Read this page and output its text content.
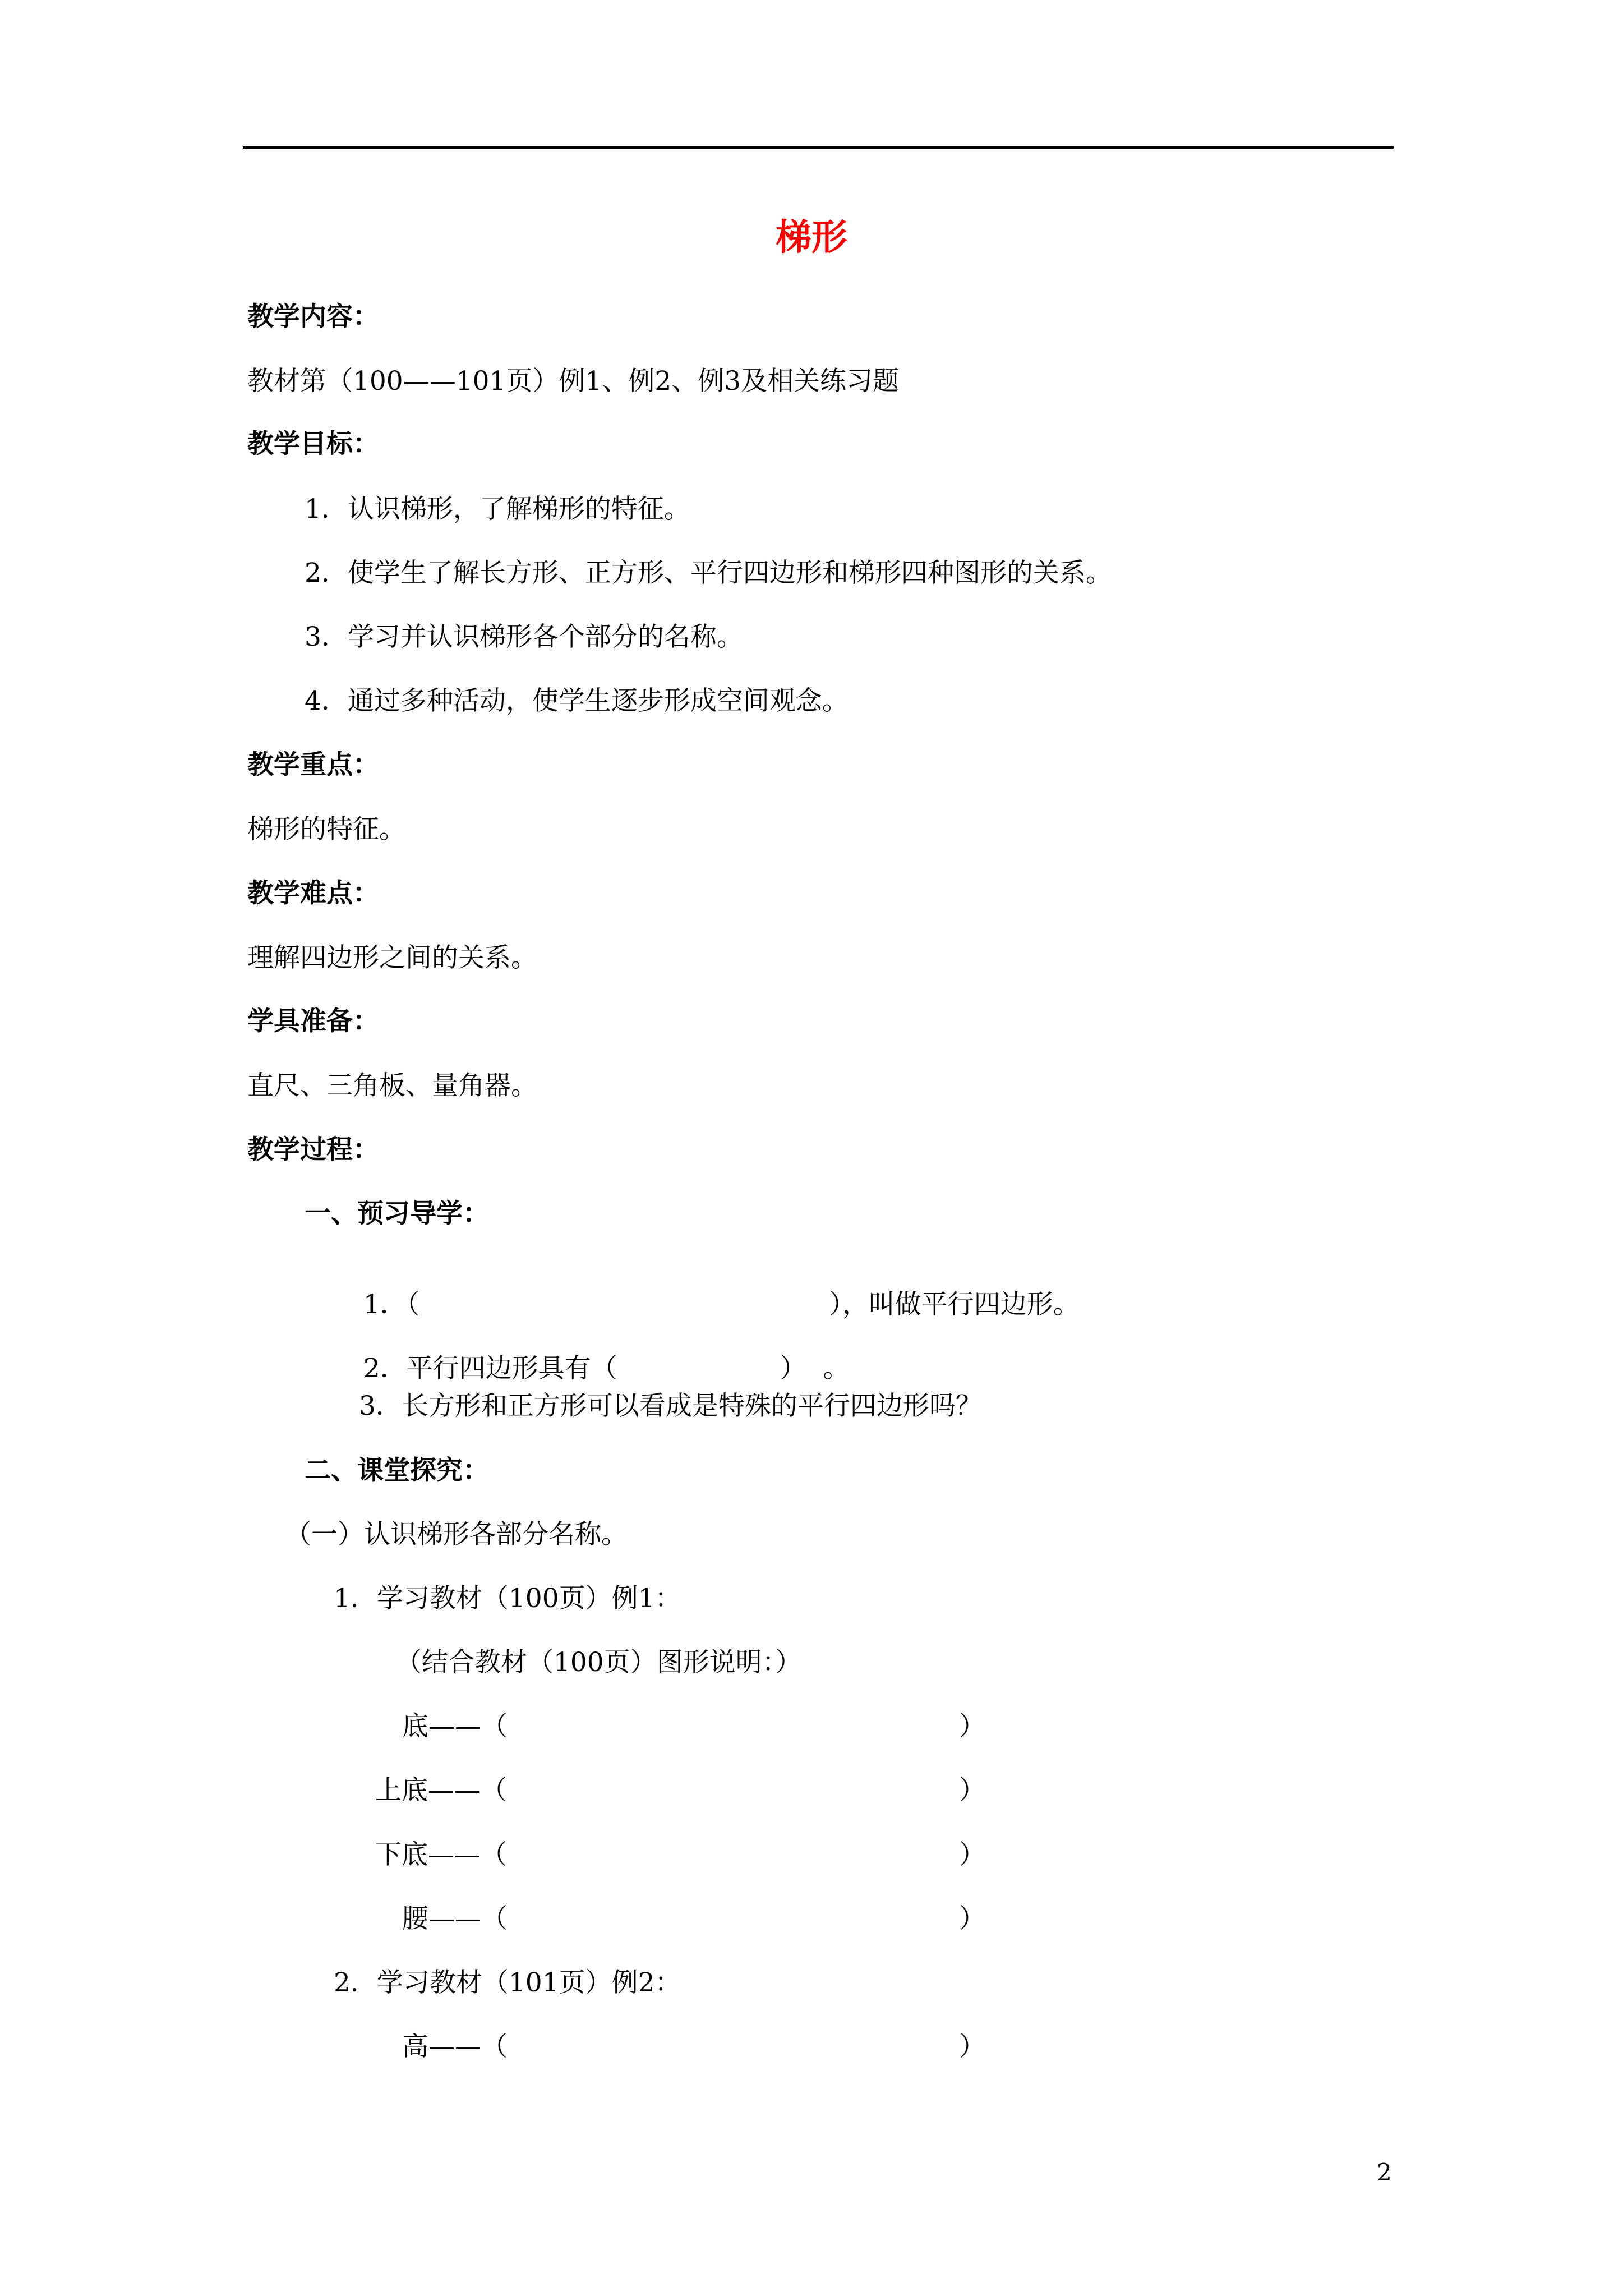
梯形
教学内容：
教材第（100——101页）例1、例2、例3及相关练习题
教学目标：
1．认识梯形，了解梯形的特征。
2．使学生了解长方形、正方形、平行四边形和梯形四种图形的关系。
3．学习并认识梯形各个部分的名称。
4．通过多种活动，使学生逐步形成空间观念。
教学重点：
梯形的特征。
教学难点：
理解四边形之间的关系。
学具准备：
直尺、三角板、量角器。
教学过程：
一、预习导学：

1．（	），叫做平行四边形。

2．平行四边形具有（	）  。

3．长方形和正方形可以看成是特殊的平行四边形吗？
二、课堂探究：
（一）认识梯形各部分名称。
1．学习教材（100页）例1：
（结合教材（100页）图形说明：）
底——（	）
上底——（	）
下底——（	）
腰——（	）
2．学习教材（101页）例2：
高——（	）
2
